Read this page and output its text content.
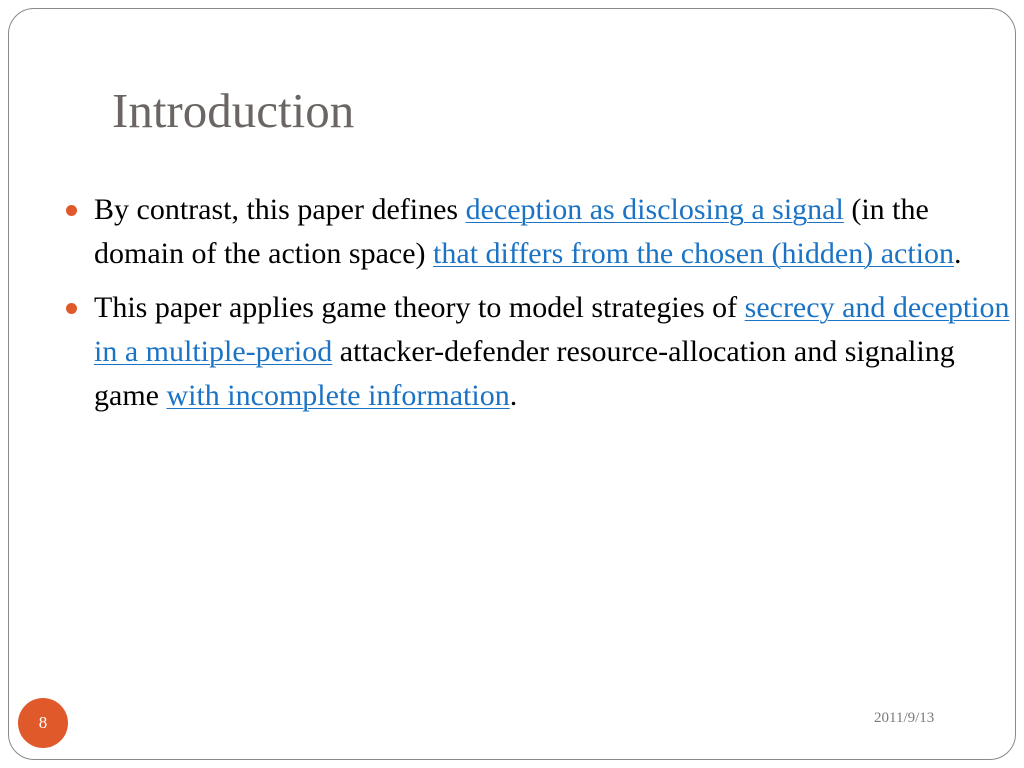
Introduction
By contrast, this paper defines deception as disclosing a signal (in the domain of the action space) that differs from the chosen (hidden) action.
This paper applies game theory to model strategies of secrecy and deception in a multiple-period attacker-defender resource-allocation and signaling game with incomplete information.
8	2011/9/13
